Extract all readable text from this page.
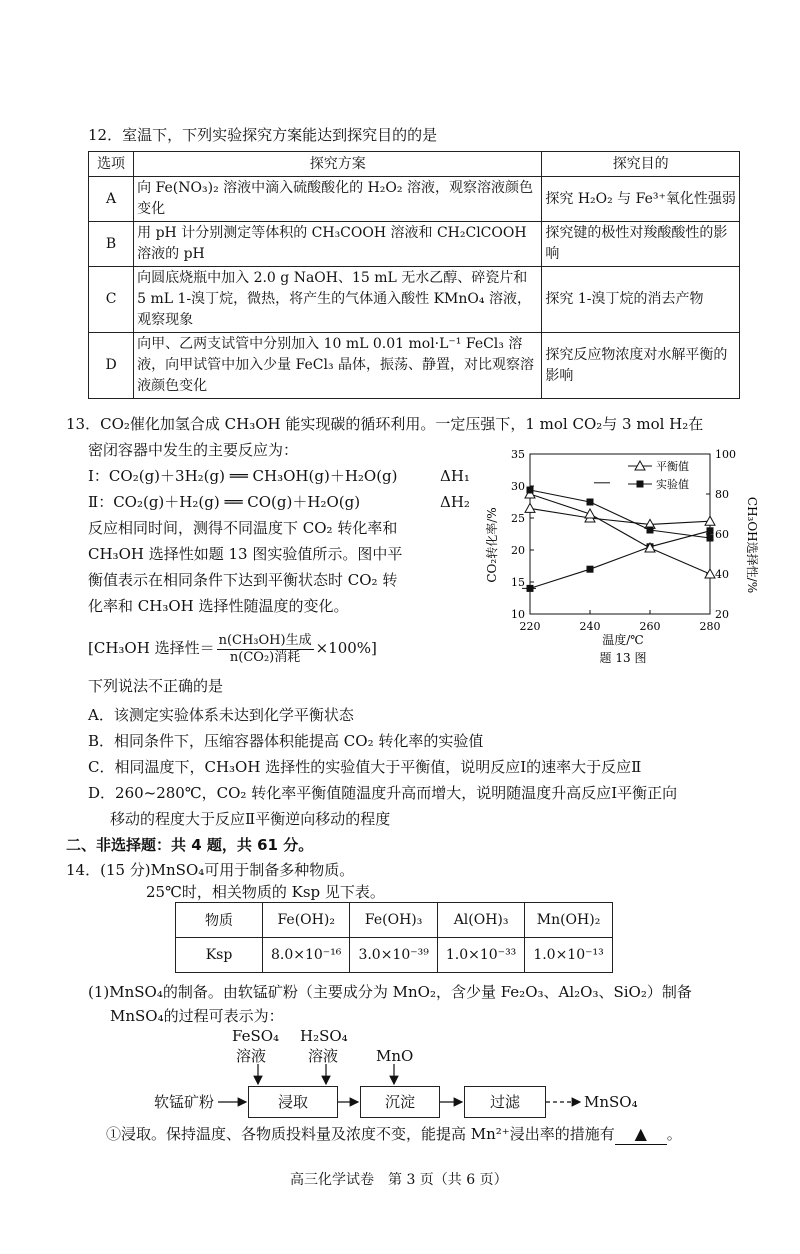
12．室温下，下列实验探究方案能达到探究目的的是
选项	探究方案	探究目的
A	向 Fe(NO₃)₂ 溶液中滴入硫酸酸化的 H₂O₂ 溶液，观察溶液颜色变化	探究 H₂O₂ 与 Fe³⁺氧化性强弱
B	用 pH 计分别测定等体积的 CH₃COOH 溶液和 CH₂ClCOOH 溶液的 pH	探究键的极性对羧酸酸性的影响
C	向圆底烧瓶中加入 2.0 g NaOH、15 mL 无水乙醇、碎瓷片和 5 mL 1-溴丁烷，微热，将产生的气体通入酸性 KMnO₄ 溶液，观察现象	探究 1-溴丁烷的消去产物
D	向甲、乙两支试管中分别加入 10 mL 0.01 mol·L⁻¹ FeCl₃ 溶液，向甲试管中加入少量 FeCl₃ 晶体，振荡、静置，对比观察溶液颜色变化	探究反应物浓度对水解平衡的影响
13．CO₂催化加氢合成 CH₃OH 能实现碳的循环利用。一定压强下，1 mol CO₂与 3 mol H₂在
密闭容器中发生的主要反应为：
Ⅰ：CO₂(g)＋3H₂(g) ══ CH₃OH(g)＋H₂O(g)	ΔH₁
Ⅱ：CO₂(g)＋H₂(g) ══ CO(g)＋H₂O(g)	ΔH₂
反应相同时间，测得不同温度下 CO₂ 转化率和
CH₃OH 选择性如题 13 图实验值所示。图中平
衡值表示在相同条件下达到平衡状态时 CO₂ 转
化率和 CH₃OH 选择性随温度的变化。
[CH₃OH 选择性＝ $\frac{\text{n(CH₃OH)生成}}{\text{n(CO₂)消耗}} \times 100\%$]
下列说法不正确的是
A．该测定实验体系未达到化学平衡状态
B．相同条件下，压缩容器体积能提高 CO₂ 转化率的实验值
C．相同温度下，CH₃OH 选择性的实验值大于平衡值，说明反应Ⅰ的速率大于反应Ⅱ
D．260~280℃，CO₂ 转化率平衡值随温度升高而增大，说明随温度升高反应Ⅰ平衡正向
移动的程度大于反应Ⅱ平衡逆向移动的程度
10
15
20
25
30
35
20
40
60
80
100
220	240	260	280
平衡值
实验值
CO₂转化率/%	CH₃OH选择性/%
温度/℃
题 13 图
二、非选择题：共 4 题，共 61 分。
14．(15 分)MnSO₄可用于制备多种物质。
25℃时，相关物质的 Ksp 见下表。
物质	Fe(OH)₂	Fe(OH)₃	Al(OH)₃	Mn(OH)₂
Ksp	8.0×10⁻¹⁶	3.0×10⁻³⁹	1.0×10⁻³³	1.0×10⁻¹³
(1)MnSO₄的制备。由软锰矿粉（主要成分为 MnO₂，含少量 Fe₂O₃、Al₂O₃、SiO₂）制备
MnSO₄的过程可表示为：
FeSO₄
溶液
H₂SO₄
溶液	MnO
软锰矿粉	浸取	沉淀	过滤	MnSO₄
①浸取。保持温度、各物质投料量及浓度不变，能提高 Mn²⁺浸出率的措施有 ▲ 。
高三化学试卷　第 3 页（共 6 页）
